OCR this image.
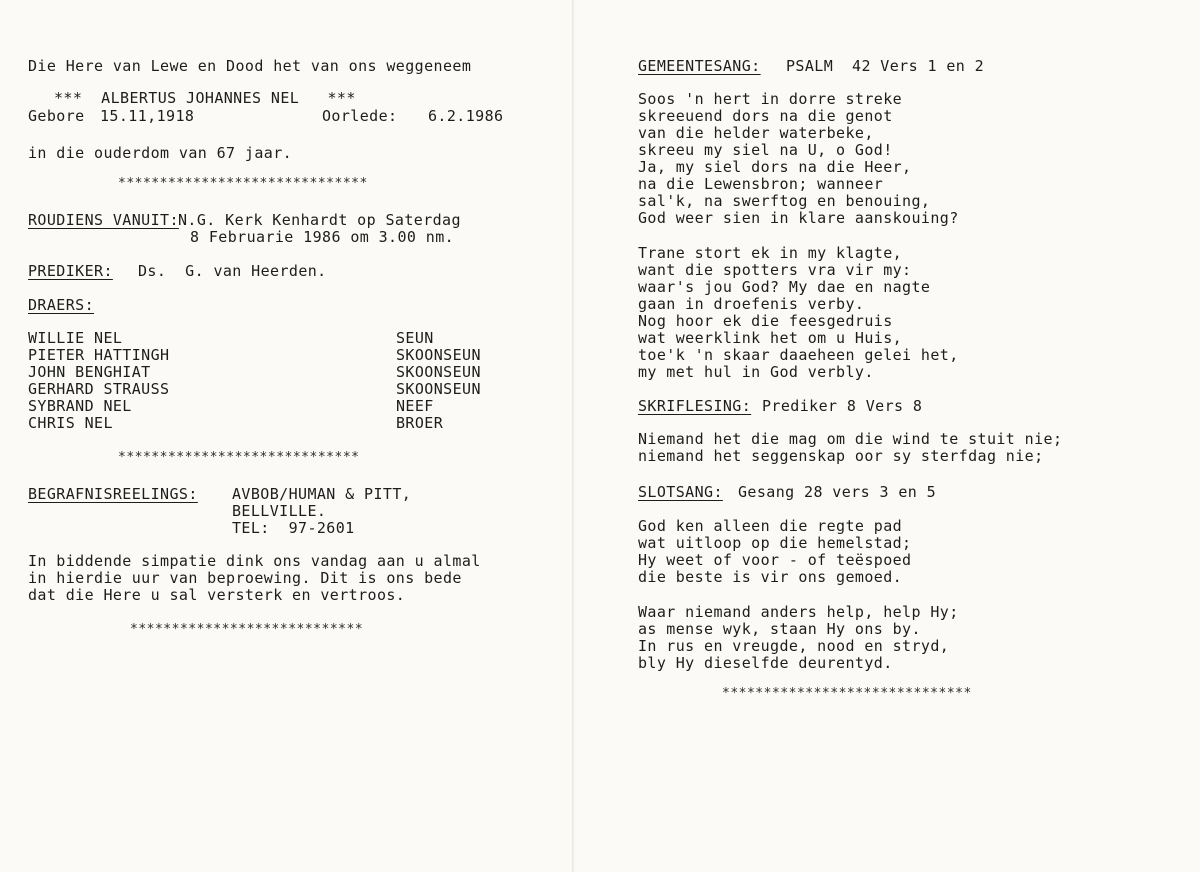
Die Here van Lewe en Dood het van ons weggeneem
***  ALBERTUS JOHANNES NEL   ***
Gebore 15.11,1918	Oorlede: 6.2.1986
in die ouderdom van 67 jaar.
******************************
ROUDIENS VANUIT: N.G. Kerk Kenhardt op Saterdag
8 Februarie 1986 om 3.00 nm.
PREDIKER: Ds.  G. van Heerden.
DRAERS:
WILLIE NEL	SEUN
PIETER HATTINGH	SKOONSEUN
JOHN BENGHIAT	SKOONSEUN
GERHARD STRAUSS	SKOONSEUN
SYBRAND NEL	NEEF
CHRIS NEL	BROER
*****************************
BEGRAFNISREELINGS: AVBOB/HUMAN & PITT,
BELLVILLE.
TEL:  97-2601
In biddende simpatie dink ons vandag aan u almal
in hierdie uur van beproewing. Dit is ons bede
dat die Here u sal versterk en vertroos.
****************************
GEMEENTESANG: PSALM  42 Vers 1 en 2
Soos 'n hert in dorre streke
skreeuend dors na die genot
van die helder waterbeke,
skreeu my siel na U, o God!
Ja, my siel dors na die Heer,
na die Lewensbron; wanneer
sal'k, na swerftog en benouing,
God weer sien in klare aanskouing?
Trane stort ek in my klagte,
want die spotters vra vir my:
waar's jou God? My dae en nagte
gaan in droefenis verby.
Nog hoor ek die feesgedruis
wat weerklink het om u Huis,
toe'k 'n skaar daaeheen gelei het,
my met hul in God verbly.
SKRIFLESING: Prediker 8 Vers 8
Niemand het die mag om die wind te stuit nie;
niemand het seggenskap oor sy sterfdag nie;
SLOTSANG: Gesang 28 vers 3 en 5
God ken alleen die regte pad
wat uitloop op die hemelstad;
Hy weet of voor - of teëspoed
die beste is vir ons gemoed.
Waar niemand anders help, help Hy;
as mense wyk, staan Hy ons by.
In rus en vreugde, nood en stryd,
bly Hy dieselfde deurentyd.
******************************
